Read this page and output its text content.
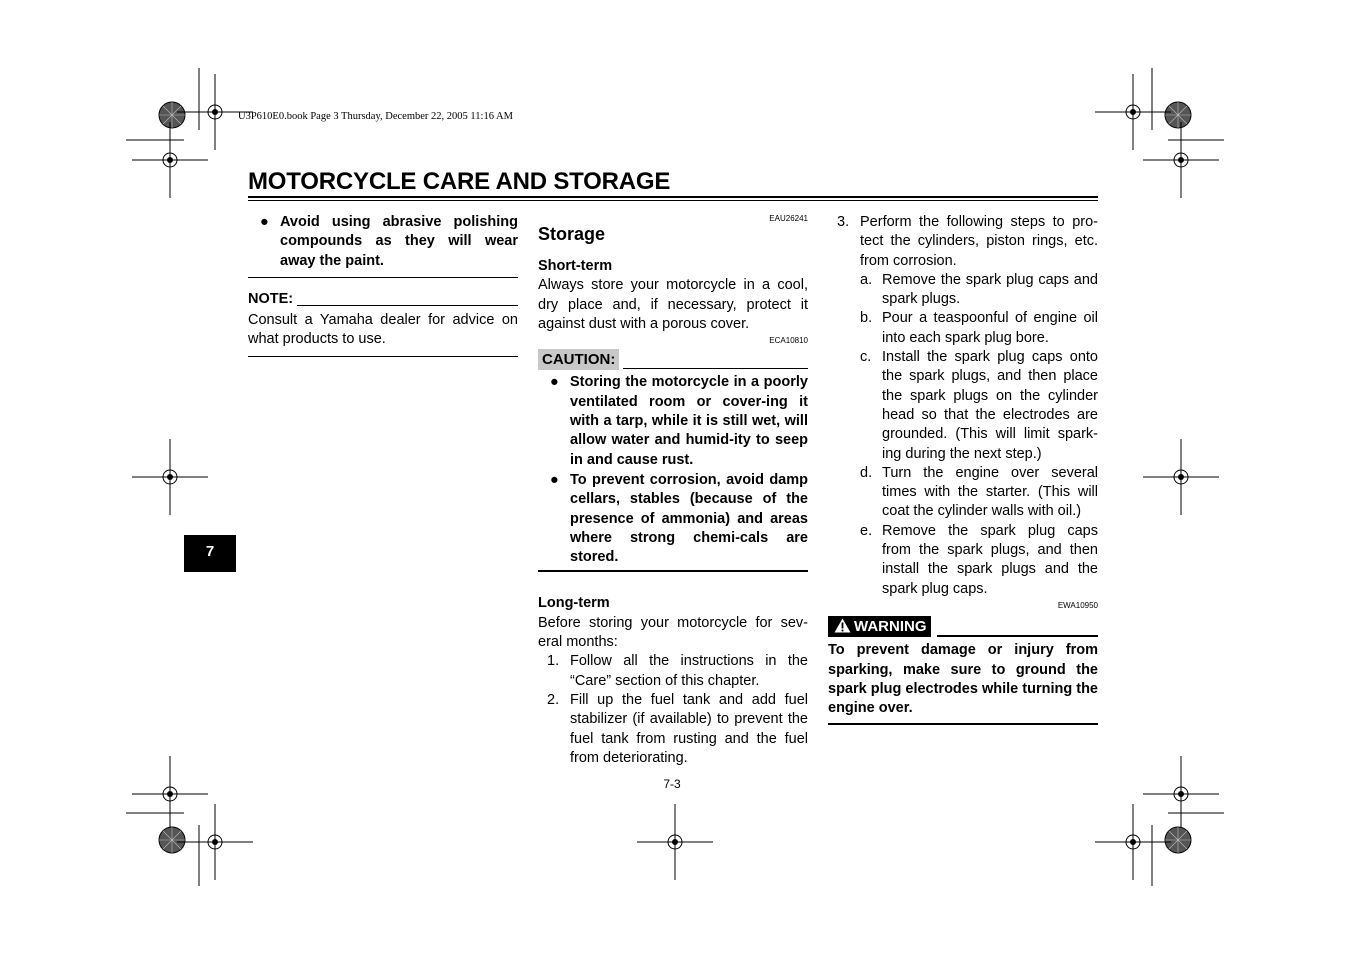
U3P610E0.book Page 3 Thursday, December 22, 2005 11:16 AM
MOTORCYCLE CARE AND STORAGE
● Avoid using abrasive polishing compounds as they will wear away the paint.
NOTE:
Consult a Yamaha dealer for advice on what products to use.
EAU26241
Storage
Short-term
Always store your motorcycle in a cool, dry place and, if necessary, protect it against dust with a porous cover.
ECA10810
CAUTION:
● Storing the motorcycle in a poorly ventilated room or cover-ing it with a tarp, while it is still wet, will allow water and humid-ity to seep in and cause rust.
● To prevent corrosion, avoid damp cellars, stables (because of the presence of ammonia) and areas where strong chemi-cals are stored.
Long-term
Before storing your motorcycle for sev-eral months:
1. Follow all the instructions in the “Care” section of this chapter.
2. Fill up the fuel tank and add fuel stabilizer (if available) to prevent the fuel tank from rusting and the fuel from deteriorating.
3. Perform the following steps to pro-tect the cylinders, piston rings, etc. from corrosion.
a. Remove the spark plug caps and spark plugs.
b. Pour a teaspoonful of engine oil into each spark plug bore.
c. Install the spark plug caps onto the spark plugs, and then place the spark plugs on the cylinder head so that the electrodes are grounded. (This will limit spark-ing during the next step.)
d. Turn the engine over several times with the starter. (This will coat the cylinder walls with oil.)
e. Remove the spark plug caps from the spark plugs, and then install the spark plugs and the spark plug caps.
EWA10950
WARNING
To prevent damage or injury from sparking, make sure to ground the spark plug electrodes while turning the engine over.
7
7-3
